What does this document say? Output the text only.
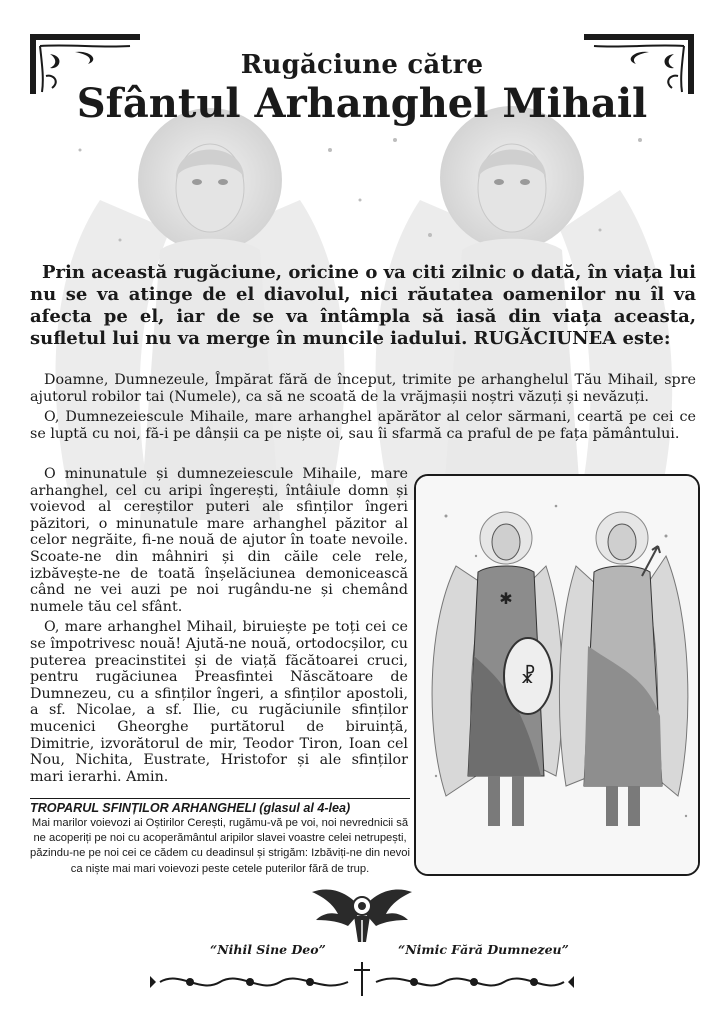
Rugăciune către
Sfântul Arhanghel Mihail
Prin această rugăciune, oricine o va citi zilnic o dată, în viața lui nu se va atinge de el diavolul, nici răutatea oamenilor nu îl va afecta pe el, iar de se va întâmpla să iasă din viața aceasta, sufletul lui nu va merge în muncile iadului. RUGĂCIUNEA este:

Doamne, Dumnezeule, Împărat fără de început, trimite pe arhanghelul Tău Mihail, spre ajutorul robilor tai (Numele), ca să ne scoată de la vrăjmașii noștri văzuți și nevăzuți.

O, Dumnezeiescule Mihaile, mare arhanghel apărător al celor sărmani, ceartă pe cei ce se luptă cu noi, fă-i pe dânșii ca pe niște oi, sau îi sfarmă ca praful de pe fața pământului.

O minunatule și dumnezeiescule Mihaile, mare arhanghel, cel cu aripi îngerești, întâiule domn și voievod al cereștilor puteri ale sfinților îngeri păzitori, o minunatule mare arhanghel păzitor al celor negrăite, fi-ne nouă de ajutor în toate nevoile. Scoate-ne din mâhniri și din căile cele rele, izbăvește-ne de toată înșelăciunea demonicească când ne vei auzi pe noi rugându-ne și chemând numele tău cel sfânt.

O, mare arhanghel Mihail, biruiește pe toți cei ce se împotrivesc nouă! Ajută-ne nouă, ortodocșilor, cu puterea preacinstitei și de viață făcătoarei cruci, pentru rugăciunea Preasfintei Născătoare de Dumnezeu, cu a sfinților îngeri, a sfinților apostoli, a sf. Nicolae, a sf. Ilie, cu rugăciunile sfinților mucenici Gheorghe purtătorul de biruință, Dimitrie, izvorătorul de mir, Teodor Tiron, Ioan cel Nou, Nichita, Eustrate, Hristofor și ale sfinților mari ierarhi. Amin.

✱
☧
TROPARUL SFINȚILOR ARHANGHELI (glasul al 4-lea)
Mai marilor voievozi ai Oștirilor Cerești, rugămu-vă pe voi, noi nevrednicii să ne acoperiți pe noi cu acoperământul aripilor slavei voastre celei netrupești, păzindu-ne pe noi cei ce cădem cu deadinsul și strigăm: Izbăviți-ne din nevoi ca niște mai mari voievozi peste cetele puterilor fără de trup.
“Nihil Sine Deo”	“Nimic Fără Dumnezeu”
